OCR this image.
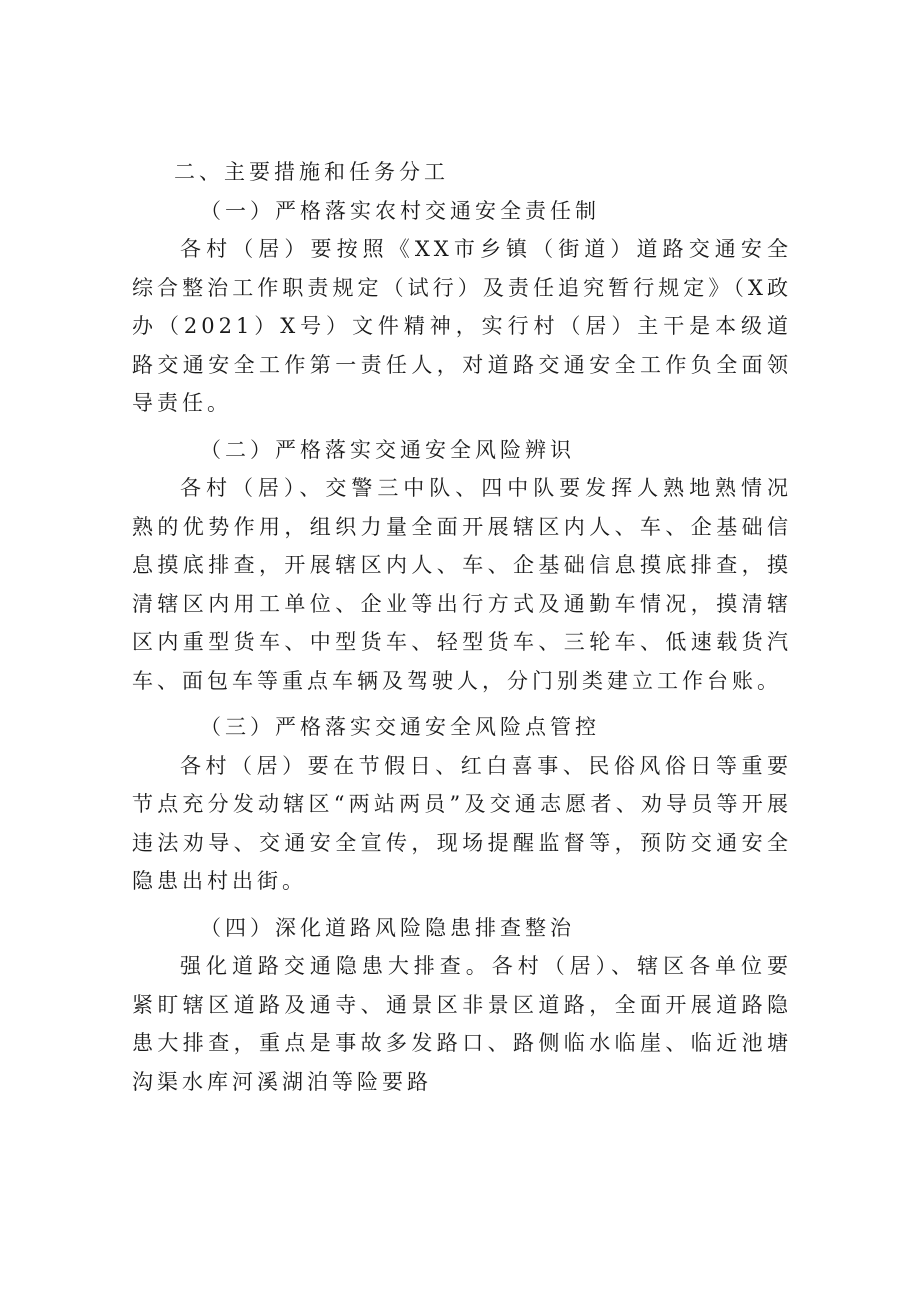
二、主要措施和任务分工

（一）严格落实农村交通安全责任制

各村（居）要按照《XX市乡镇（街道）道路交通安全综合整治工作职责规定（试行）及责任追究暂行规定》（X政办（2021）X号）文件精神，实行村（居）主干是本级道路交通安全工作第一责任人，对道路交通安全工作负全面领导责任。

（二）严格落实交通安全风险辨识

各村（居）、交警三中队、四中队要发挥人熟地熟情况熟的优势作用，组织力量全面开展辖区内人、车、企基础信息摸底排查，开展辖区内人、车、企基础信息摸底排查，摸清辖区内用工单位、企业等出行方式及通勤车情况，摸清辖区内重型货车、中型货车、轻型货车、三轮车、低速载货汽车、面包车等重点车辆及驾驶人，分门别类建立工作台账。

（三）严格落实交通安全风险点管控

各村（居）要在节假日、红白喜事、民俗风俗日等重要节点充分发动辖区“两站两员”及交通志愿者、劝导员等开展违法劝导、交通安全宣传，现场提醒监督等，预防交通安全隐患出村出街。

（四）深化道路风险隐患排查整治

强化道路交通隐患大排查。各村（居）、辖区各单位要紧盯辖区道路及通寺、通景区非景区道路，全面开展道路隐患大排查，重点是事故多发路口、路侧临水临崖、临近池塘沟渠水库河溪湖泊等险要路
